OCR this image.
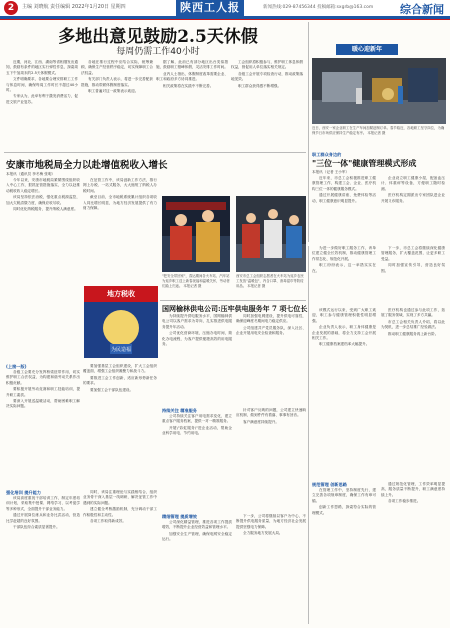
2	主编 刘晓航 责任编辑 2022年1月20日 星期四	陕西工人报	新闻热线:029-87456344 投稿邮箱:sxgrb@163.com 综合新闻
多地出意见鼓励2.5天休假
每周仍需工作40小时

近期，河北、江西、湖南等省相继发出通知，鼓励有条件的地区实行弹性作息，探索周五下午加周末的2.5天休假模式。

文件明确要求，各地要合理安排职工工作与休息时间，确保每周工作时长不超过40小时。

专家认为，此举有利于激发消费活力，促进文旅产业复苏。

各地在推行过程中应结合实际，统筹兼顾，确保生产经营秩序稳定，切实保障职工合法权益。

有关部门负责人表示，将进一步完善配套措施，推动带薪休假制度落实。

职工普遍对这一政策表示欢迎。

据了解，此前已有部分地区出台类似措施，鼓励职工错峰休假，灵活安排工作时间。

业内人士指出，休假制度改革需要企业、职工和政府多方协同推进。

相关政策将在实践中不断完善。

工会组织将积极参与，维护职工休息休假权益，督促用人单位落实相关规定。

各级工会开展专项检查行动，推动政策落地见效。

职工群众获得感不断增强。

暖心迎新年
近日，西安一家企业职工在生产车间加紧赶制订单。春节临近，各地职工坚守岗位，为确保节日市场供应保持生产稳定有序。 本报记者 摄
职工群众身边的
"三位一体"健康管理模式形成
本报讯（记者 王小军）

近年来，市总工会积极推进职工健康管理工作，构建工会、企业、医疗机构三位一体的健康服务模式。

通过开展健康讲座、免费体检等活动，职工健康意识明显提升。

企业设立职工健康小屋，配备血压计、体重秤等设备，方便职工随时检测。

医疗机构定期派出专家团队进企业开展义诊服务。

安康市地税局全力以赴增值税收入增长
本报讯（通讯员 李冬梅 张明）

今年以来，安康市地税局紧紧围绕组织收入中心工作，狠抓征管措施落实，全力以赴推动税收收入稳定增长。

该局坚持依法治税，强化重点税源监控，加大欠税清缴力度，确保应收尽收。

同时优化纳税服务，提升纳税人满意度。

在征管工作中，该局创新工作方法，推行网上办税、一站式服务，大大缩短了纳税人办税时间。

截至目前，全市地税系统累计组织各项收入同比增长明显，为地方经济发展提供了有力财力保障。

"把安全带回家"，春运期间各火车站、汽车站为返乡职工送上新春祝福和温暖关怀，劳动者们踏上归途。 本报记者 摄
西安市总工会组织志愿者在火车站为返乡农民工发放"温暖包"，内含口罩、消毒湿巾等防疫用品。 本报记者 摄

为进一步做好职工服务工作，该单位建立健全长效机制，推动健康管理工作常态化、规范化开展。

职工纷纷表示，这一举措实实在在。

下一步，市总工会将继续深化健康管理服务，扩大覆盖范围，让更多职工受益。

同时加强宣传引导，营造良好氛围。

地方税收
为民造福
国网榆林供电公司:压牢供电服务年 7 项七位长
(上接一版)

各级工会要充分发挥桥梁纽带作用，切实维护职工合法权益，为构建和谐劳动关系作出积极贡献。

要积极开展劳动竞赛和职工技能培训，提升职工素质。

要深入开展送温暖活动，帮助困难职工解决实际问题。

要加强基层工会组织建设，扩大工会组织覆盖面，增强工会组织凝聚力和战斗力。

要推进工会工作创新，适应新形势新任务的要求。

要加强工会干部队伍建设。

强化培训 提升能力

该局高度重视干部培训工作，制定年度培训计划，采取集中授课、网络学习、以考促学等多种形式，全面提升干部业务能力。

通过开展岗位练兵和业务比武活动，营造比学赶超的良好氛围。

干部队伍综合素质显著提升。

同时，该局注重理论与实践相结合，组织业务骨干深入基层一线调研，解决征管工作中遇到的实际问题。

建立健全考核激励机制，充分调动干部工作积极性和主动性。

各项工作取得新成效。

为持续提升供电服务水平，国网榆林供电公司以客户需求为导向，扎实推进供电服务提升年活动。

公司优化营商环境，压缩办电时间，简化办电流程，为客户提供便捷高效的用电服务。

同时加强电网建设，提升供电可靠性，确保迎峰度冬期间电力稳定供应。

公司组建共产党员服务队，深入社区、企业开展用电安全检查和服务。

持续关注 精准服务

公司持续关注客户用电需求变化，建立重点客户服务档案，提供一对一精准服务。

开展\"彩虹服务\"进企业活动，帮助企业科学用电、节约用电。

针对客户反映的问题，公司建立快速响应机制，做到件件有着落、事事有回音。

客户满意度持续提升。

精细管理 提质增效

公司深化精益管理，推进各项工作提质增效，不断提升企业经营效益和管理水平。

加强安全生产管理，确保电网安全稳定运行。

下一步，公司将继续以客户为中心，不断提升供电服务质量，为地方经济社会发展提供坚强电力保障。

全力服务地方发展大局。

该模式运行以来，受到广大职工欢迎，职工参与健康管理积极性明显增强。

企业负责人表示，职工身体健康是企业发展的基础，将全力支持工会开展相关工作。

职工健康档案建档率大幅提升。

医疗机构也通过参与此项工作，拓展了服务领域，实现了多方共赢。

市总工会相关负责人介绍，将以此为契机，进一步总结推广经验做法。

推动职工健康服务再上新台阶。

规范管理 创新思路

在管理工作中，坚持制度先行，建立完善各项规章制度，确保工作有章可循。

创新工作思路，探索符合实际的管理模式。

通过规范化管理，工作效率明显提高，服务质量不断提升，职工满意度持续上升。

各项工作稳步推进。
